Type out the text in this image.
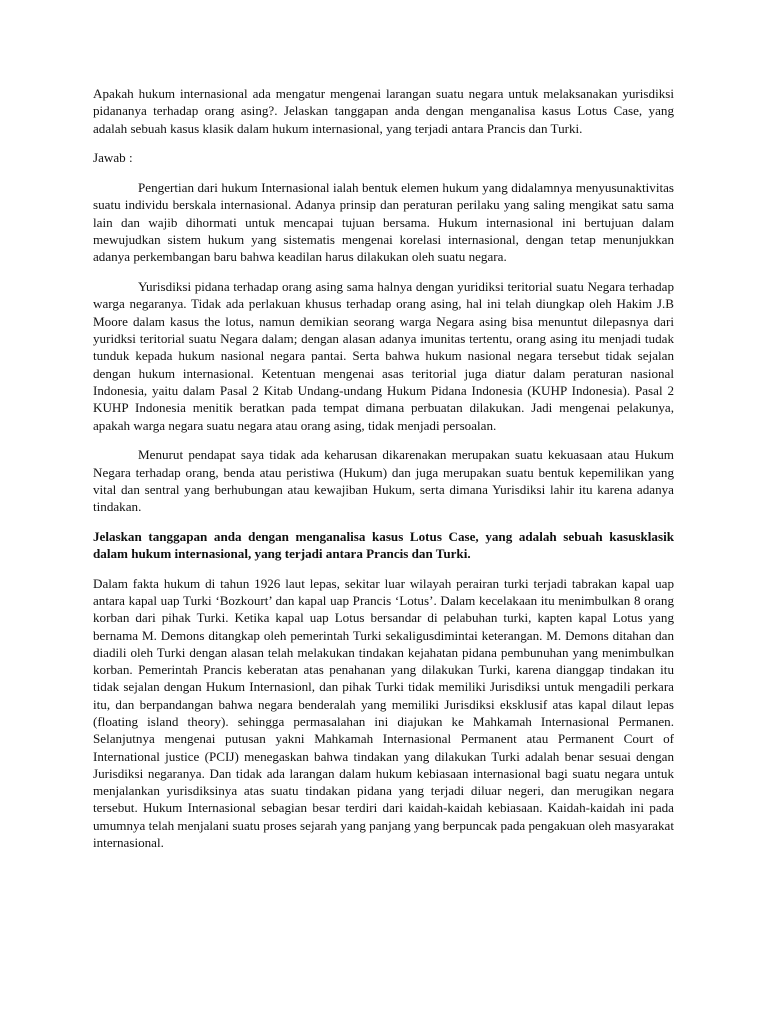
Apakah hukum internasional ada mengatur mengenai larangan suatu negara untuk melaksanakan yurisdiksi pidananya terhadap orang asing?. Jelaskan tanggapan anda dengan menganalisa kasus Lotus Case, yang adalah sebuah kasus klasik dalam hukum internasional, yang terjadi antara Prancis dan Turki.

Jawab :

Pengertian dari hukum Internasional ialah bentuk elemen hukum yang didalamnya menyusunaktivitas suatu individu berskala internasional. Adanya prinsip dan peraturan perilaku yang saling mengikat satu sama lain dan wajib dihormati untuk mencapai tujuan bersama. Hukum internasional ini bertujuan dalam mewujudkan sistem hukum yang sistematis mengenai korelasi internasional, dengan tetap menunjukkan adanya perkembangan baru bahwa keadilan harus dilakukan oleh suatu negara.

Yurisdiksi pidana terhadap orang asing sama halnya dengan yuridiksi teritorial suatu Negara terhadap warga negaranya. Tidak ada perlakuan khusus terhadap orang asing, hal ini telah diungkap oleh Hakim J.B Moore dalam kasus the lotus, namun demikian seorang warga Negara asing bisa menuntut dilepasnya dari yuridksi teritorial suatu Negara dalam; dengan alasan adanya imunitas tertentu, orang asing itu menjadi tudak tunduk kepada hukum nasional negara pantai. Serta bahwa hukum nasional negara tersebut tidak sejalan dengan hukum internasional. Ketentuan mengenai asas teritorial juga diatur dalam peraturan nasional Indonesia, yaitu dalam Pasal 2 Kitab Undang-undang Hukum Pidana Indonesia (KUHP Indonesia). Pasal 2 KUHP Indonesia menitik beratkan pada tempat dimana perbuatan dilakukan. Jadi mengenai pelakunya, apakah warga negara suatu negara atau orang asing, tidak menjadi persoalan.

Menurut pendapat saya tidak ada keharusan dikarenakan merupakan suatu kekuasaan atau Hukum Negara terhadap orang, benda atau peristiwa (Hukum) dan juga merupakan suatu bentuk kepemilikan yang vital dan sentral yang berhubungan atau kewajiban Hukum, serta dimana Yurisdiksi lahir itu karena adanya tindakan.

Jelaskan tanggapan anda dengan menganalisa kasus Lotus Case, yang adalah sebuah kasusklasik dalam hukum internasional, yang terjadi antara Prancis dan Turki.

Dalam fakta hukum di tahun 1926 laut lepas, sekitar luar wilayah perairan turki terjadi tabrakan kapal uap antara kapal uap Turki ‘Bozkourt’ dan kapal uap Prancis ‘Lotus’. Dalam kecelakaan itu menimbulkan 8 orang korban dari pihak Turki. Ketika kapal uap Lotus bersandar di pelabuhan turki, kapten kapal Lotus yang bernama M. Demons ditangkap oleh pemerintah Turki sekaligusdimintai keterangan. M. Demons ditahan dan diadili oleh Turki dengan alasan telah melakukan tindakan kejahatan pidana pembunuhan yang menimbulkan korban. Pemerintah Prancis keberatan atas penahanan yang dilakukan Turki, karena dianggap tindakan itu tidak sejalan dengan Hukum Internasionl, dan pihak Turki tidak memiliki Jurisdiksi untuk mengadili perkara itu, dan berpandangan bahwa negara benderalah yang memiliki Jurisdiksi eksklusif atas kapal dilaut lepas (floating island theory). sehingga permasalahan ini diajukan ke Mahkamah Internasional Permanen. Selanjutnya mengenai putusan yakni Mahkamah Internasional Permanent atau Permanent Court of International justice (PCIJ) menegaskan bahwa tindakan yang dilakukan Turki adalah benar sesuai dengan Jurisdiksi negaranya. Dan tidak ada larangan dalam hukum kebiasaan internasional bagi suatu negara untuk menjalankan yurisdiksinya atas suatu tindakan pidana yang terjadi diluar negeri, dan merugikan negara tersebut. Hukum Internasional sebagian besar terdiri dari kaidah-kaidah kebiasaan. Kaidah-kaidah ini pada umumnya telah menjalani suatu proses sejarah yang panjang yang berpuncak pada pengakuan oleh masyarakat internasional.
